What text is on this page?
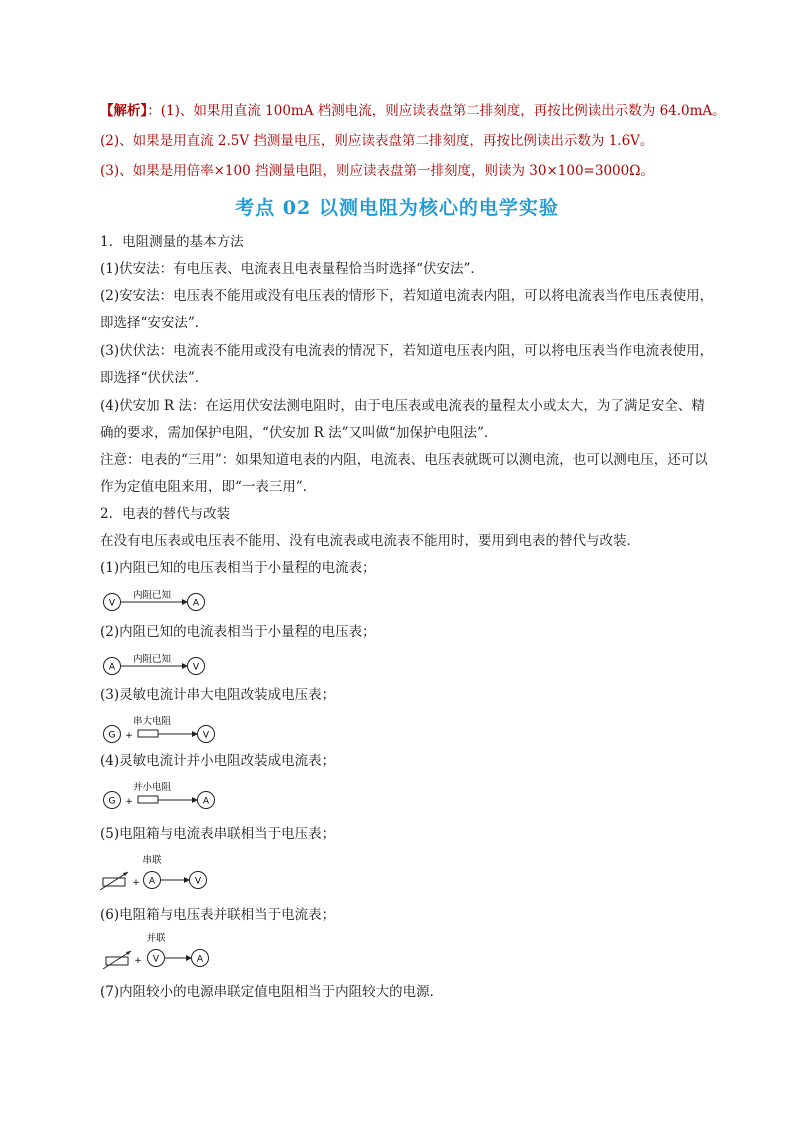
【解析】：(1)、如果用直流 100mA 档测电流，则应读表盘第二排刻度，再按比例读出示数为 64.0mA。
(2)、如果是用直流 2.5V 挡测量电压，则应读表盘第二排刻度，再按比例读出示数为 1.6V。
(3)、如果是用倍率×100 挡测量电阻，则应读表盘第一排刻度，则读为 30×100=3000Ω。
考点 02 以测电阻为核心的电学实验
1．电阻测量的基本方法
(1)伏安法：有电压表、电流表且电表量程恰当时选择“伏安法”．
(2)安安法：电压表不能用或没有电压表的情形下，若知道电流表内阻，可以将电流表当作电压表使用，
即选择“安安法”．
(3)伏伏法：电流表不能用或没有电流表的情况下，若知道电压表内阻，可以将电压表当作电流表使用，
即选择“伏伏法”．
(4)伏安加 R 法：在运用伏安法测电阻时，由于电压表或电流表的量程太小或太大，为了满足安全、精
确的要求，需加保护电阻，“伏安加 R 法”又叫做“加保护电阻法”．
注意：电表的“三用”：如果知道电表的内阻，电流表、电压表就既可以测电流，也可以测电压，还可以
作为定值电阻来用，即“一表三用”．
2．电表的替代与改装
在没有电压表或电压表不能用、没有电流表或电流表不能用时，要用到电表的替代与改装．
(1)内阻已知的电压表相当于小量程的电流表；
V
内阻已知
A
(2)内阻已知的电流表相当于小量程的电压表；
A
内阻已知
V
(3)灵敏电流计串大电阻改装成电压表；
G +
串大电阻
V
(4)灵敏电流计并小电阻改装成电流表；
G +
并小电阻
A
(5)电阻箱与电流表串联相当于电压表；
+ A
串联
V
(6)电阻箱与电压表并联相当于电流表；
+ V
并联
A
(7)内阻较小的电源串联定值电阻相当于内阻较大的电源．
